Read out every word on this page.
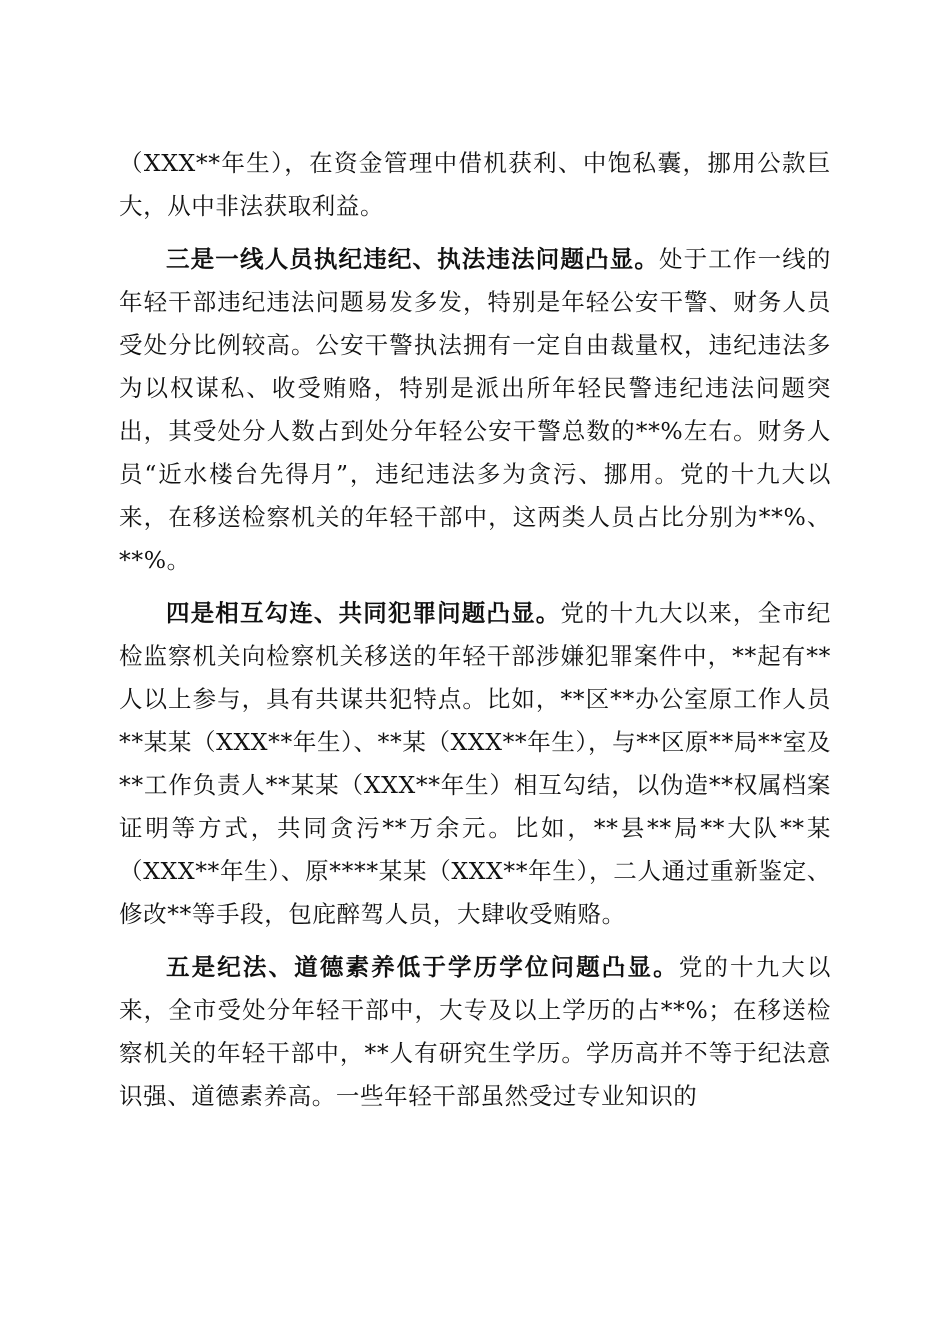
（XXX**年生），在资金管理中借机获利、中饱私囊，挪用公款巨大，从中非法获取利益。

三是一线人员执纪违纪、执法违法问题凸显。处于工作一线的年轻干部违纪违法问题易发多发，特别是年轻公安干警、财务人员受处分比例较高。公安干警执法拥有一定自由裁量权，违纪违法多为以权谋私、收受贿赂，特别是派出所年轻民警违纪违法问题突出，其受处分人数占到处分年轻公安干警总数的**%左右。财务人员“近水楼台先得月”，违纪违法多为贪污、挪用。党的十九大以来，在移送检察机关的年轻干部中，这两类人员占比分别为**%、**%。

四是相互勾连、共同犯罪问题凸显。党的十九大以来，全市纪检监察机关向检察机关移送的年轻干部涉嫌犯罪案件中，**起有**人以上参与，具有共谋共犯特点。比如，**区**办公室原工作人员**某某（XXX**年生）、**某（XXX**年生），与**区原**局**室及**工作负责人**某某（XXX**年生）相互勾结，以伪造**权属档案证明等方式，共同贪污**万余元。比如，**县**局**大队**某（XXX**年生）、原****某某（XXX**年生），二人通过重新鉴定、修改**等手段，包庇醉驾人员，大肆收受贿赂。

五是纪法、道德素养低于学历学位问题凸显。党的十九大以来，全市受处分年轻干部中，大专及以上学历的占**%；在移送检察机关的年轻干部中，**人有研究生学历。学历高并不等于纪法意识强、道德素养高。一些年轻干部虽然受过专业知识的
